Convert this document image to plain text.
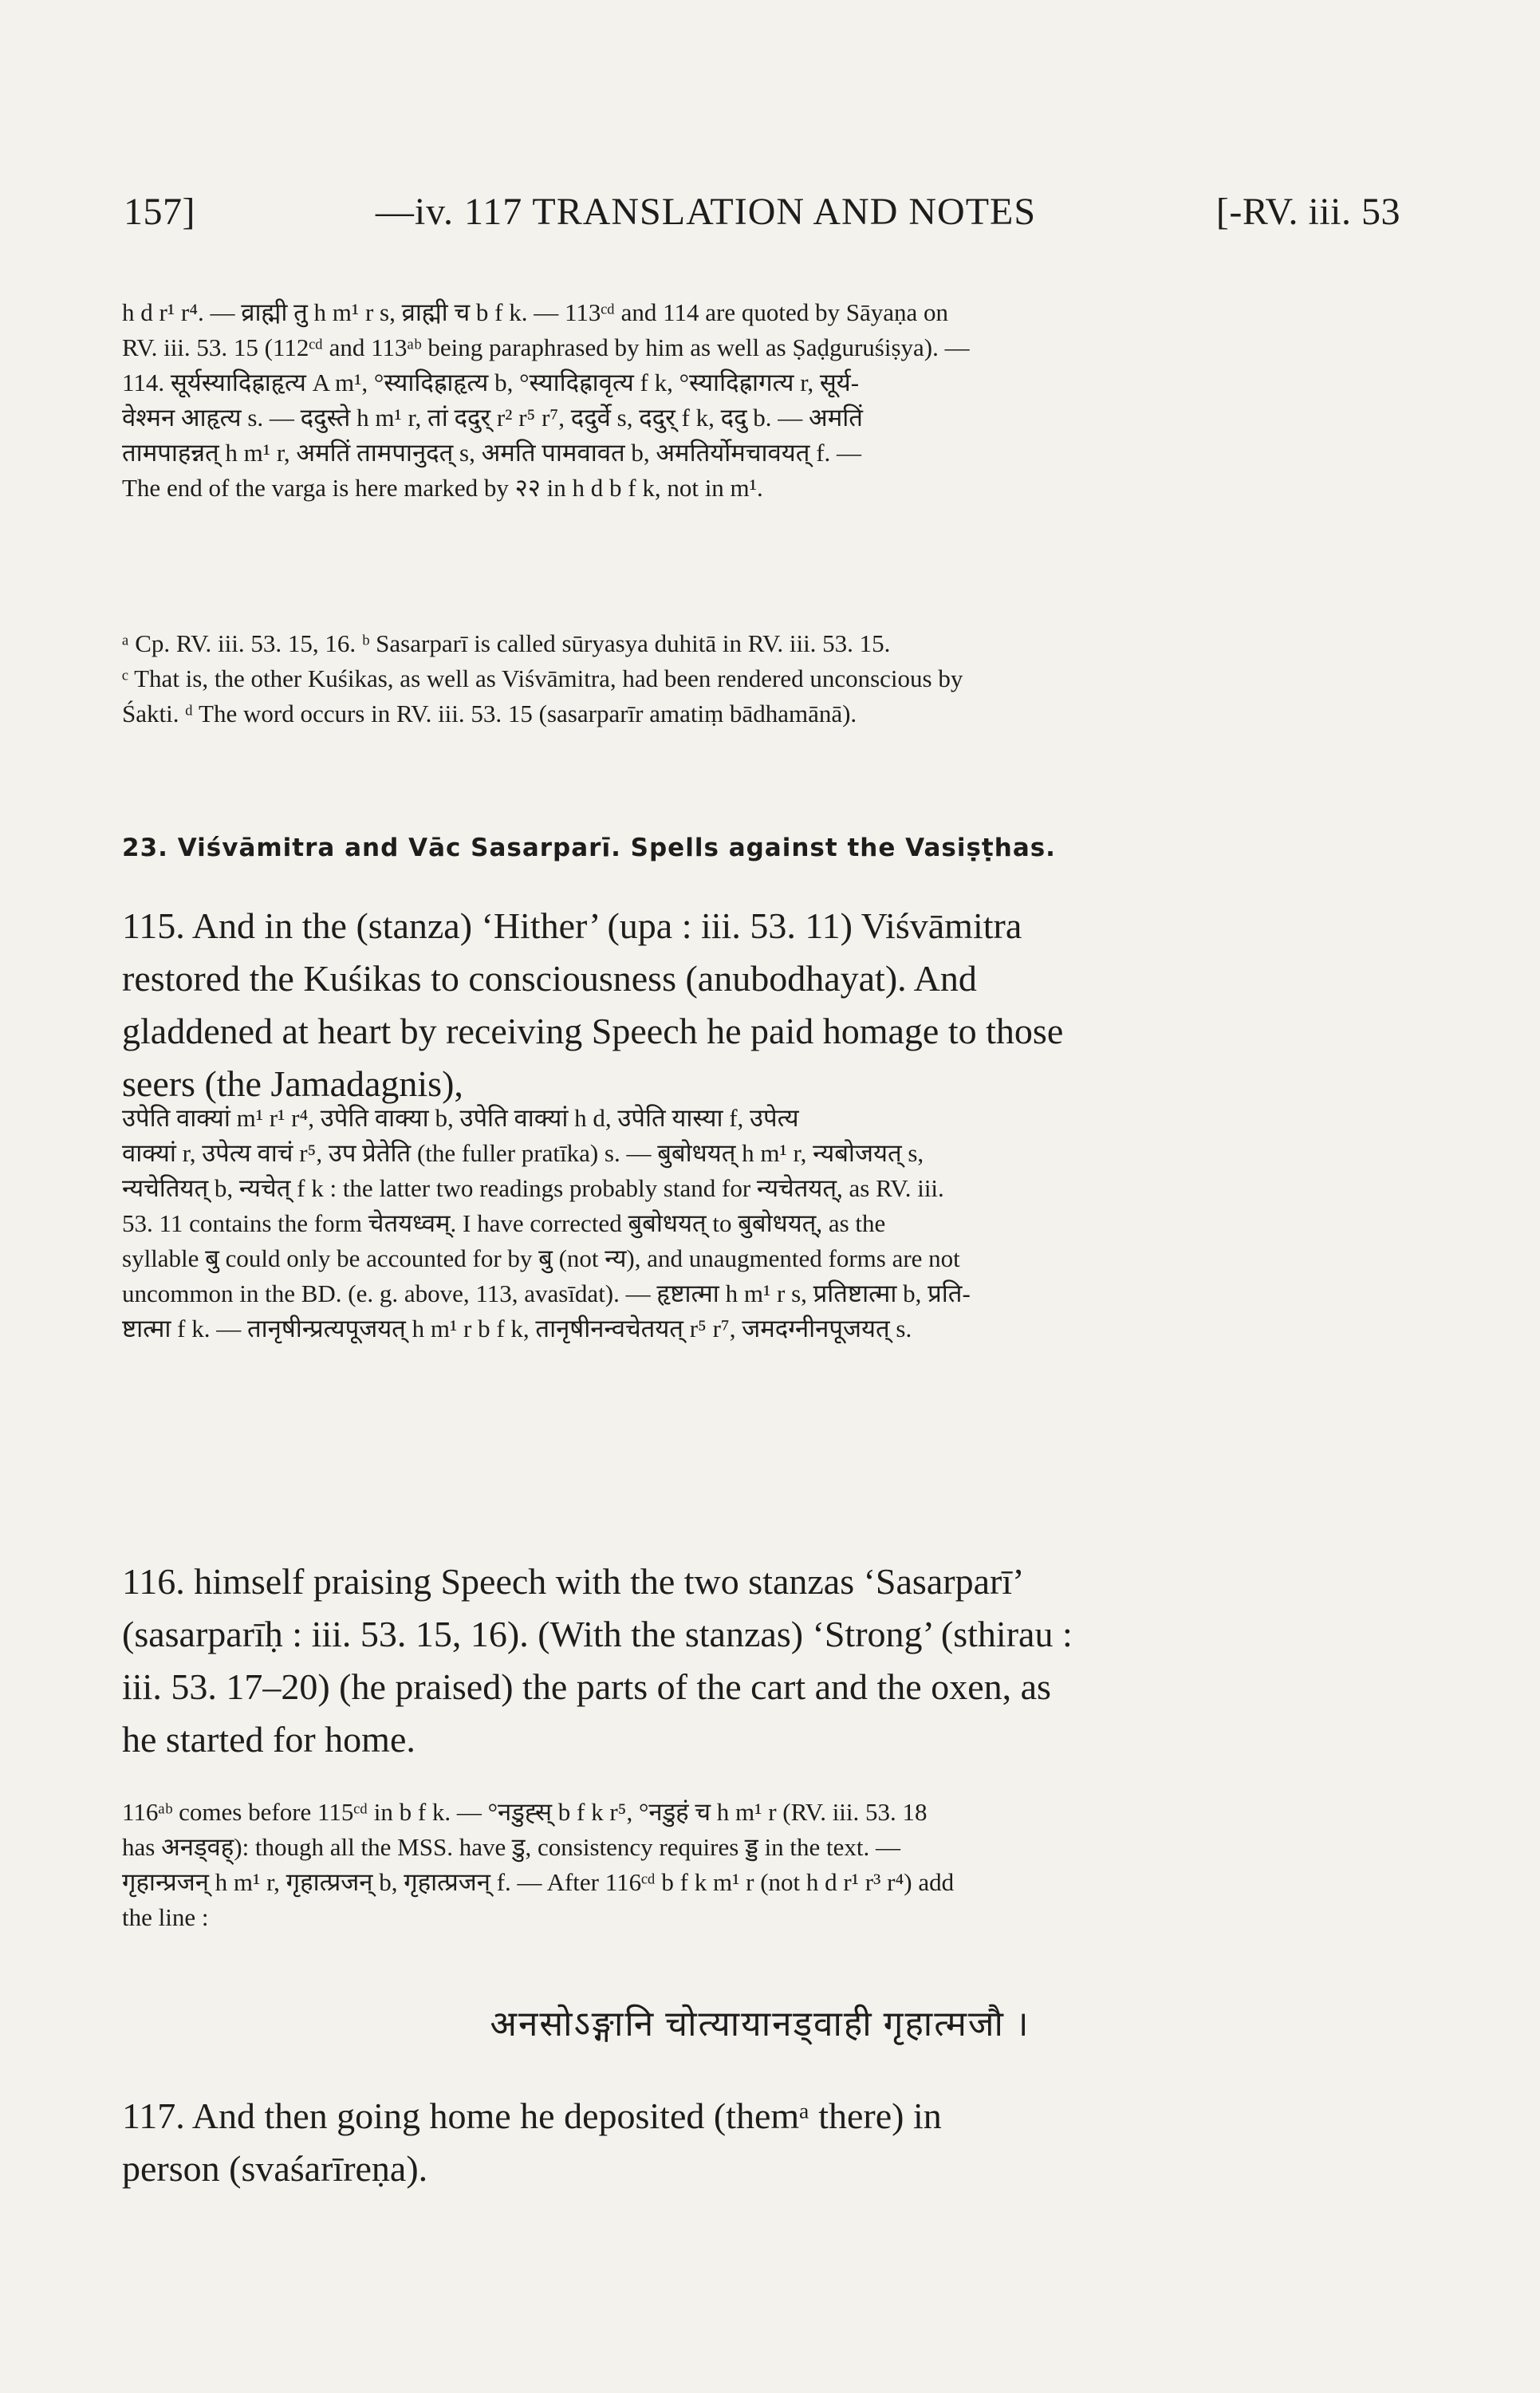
157]	—iv. 117 TRANSLATION AND NOTES	[-RV. iii. 53

h d r¹ r⁴. — व्राह्मी तु h m¹ r s, व्राह्मी च b f k. — 113ᶜᵈ and 114 are quoted by Sāyaṇa on

RV. iii. 53. 15 (112ᶜᵈ and 113ᵃᵇ being paraphrased by him as well as Ṣaḍguruśiṣya). —

114. सूर्यस्यादिह्राहृत्य A m¹, °स्यादिह्राहृत्य b, °स्यादिह्रावृत्य f k, °स्यादिह्रागत्य r, सूर्य-

वेश्मन आहृत्य s. — ददुस्ते h m¹ r, तां ददुर् r² r⁵ r⁷, ददुर्वे s, ददुर् f k, ददु b. — अमतिं

तामपाहन्नत् h m¹ r, अमतिं तामपानुदत् s, अमति पामवावत b, अमतिर्योमचावयत् f. —

The end of the varga is here marked by २२ in h d b f k, not in m¹.

ᵃ Cp. RV. iii. 53. 15, 16. ᵇ Sasarparī is called sūryasya duhitā in RV. iii. 53. 15.

ᶜ That is, the other Kuśikas, as well as Viśvāmitra, had been rendered unconscious by

Śakti. ᵈ The word occurs in RV. iii. 53. 15 (sasarparīr amatiṃ bādhamānā).

23. Viśvāmitra and Vāc Sasarparī. Spells against the Vasiṣṭhas.

115. And in the (stanza) ‘Hither’ (upa : iii. 53. 11) Viśvāmitra

restored the Kuśikas to consciousness (anubodhayat). And

gladdened at heart by receiving Speech he paid homage to those

seers (the Jamadagnis),

उपेति वाक्यां m¹ r¹ r⁴, उपेति वाक्या b, उपेति वाक्यां h d, उपेति यास्या f, उपेत्य

वाक्यां r, उपेत्य वाचं r⁵, उप प्रेतेति (the fuller pratīka) s. — बुबोधयत् h m¹ r, न्यबोजयत् s,

न्यचेतियत् b, न्यचेत् f k : the latter two readings probably stand for न्यचेतयत्, as RV. iii.

53. 11 contains the form चेतयध्वम्. I have corrected बुबोधयत् to बुबोधयत्, as the

syllable बु could only be accounted for by बु (not न्य), and unaugmented forms are not

uncommon in the BD. (e. g. above, 113, avasīdat). — हृष्टात्मा h m¹ r s, प्रतिष्टात्मा b, प्रति-

ष्टात्मा f k. — तानृषीन्प्रत्यपूजयत् h m¹ r b f k, तानृषीनन्वचेतयत् r⁵ r⁷, जमदग्नीनपूजयत् s.

116. himself praising Speech with the two stanzas ‘Sasarparī’

(sasarparīḥ : iii. 53. 15, 16). (With the stanzas) ‘Strong’ (sthirau :

iii. 53. 17–20) (he praised) the parts of the cart and the oxen, as

he started for home.

116ᵃᵇ comes before 115ᶜᵈ in b f k. — °नडुह्स् b f k r⁵, °नडुहं च h m¹ r (RV. iii. 53. 18

has अनड्वह्): though all the MSS. have डु, consistency requires ड्ड in the text. —

गृहान्प्रजन् h m¹ r, गृहात्प्रजन् b, गृहात्प्रजन् f. — After 116ᶜᵈ b f k m¹ r (not h d r¹ r³ r⁴) add

the line :

अनसोऽङ्गानि चोत्यायानड्वाही गृहात्मजौ ।

117. And then going home he deposited (themᵃ there) in

person (svaśarīreṇa).
